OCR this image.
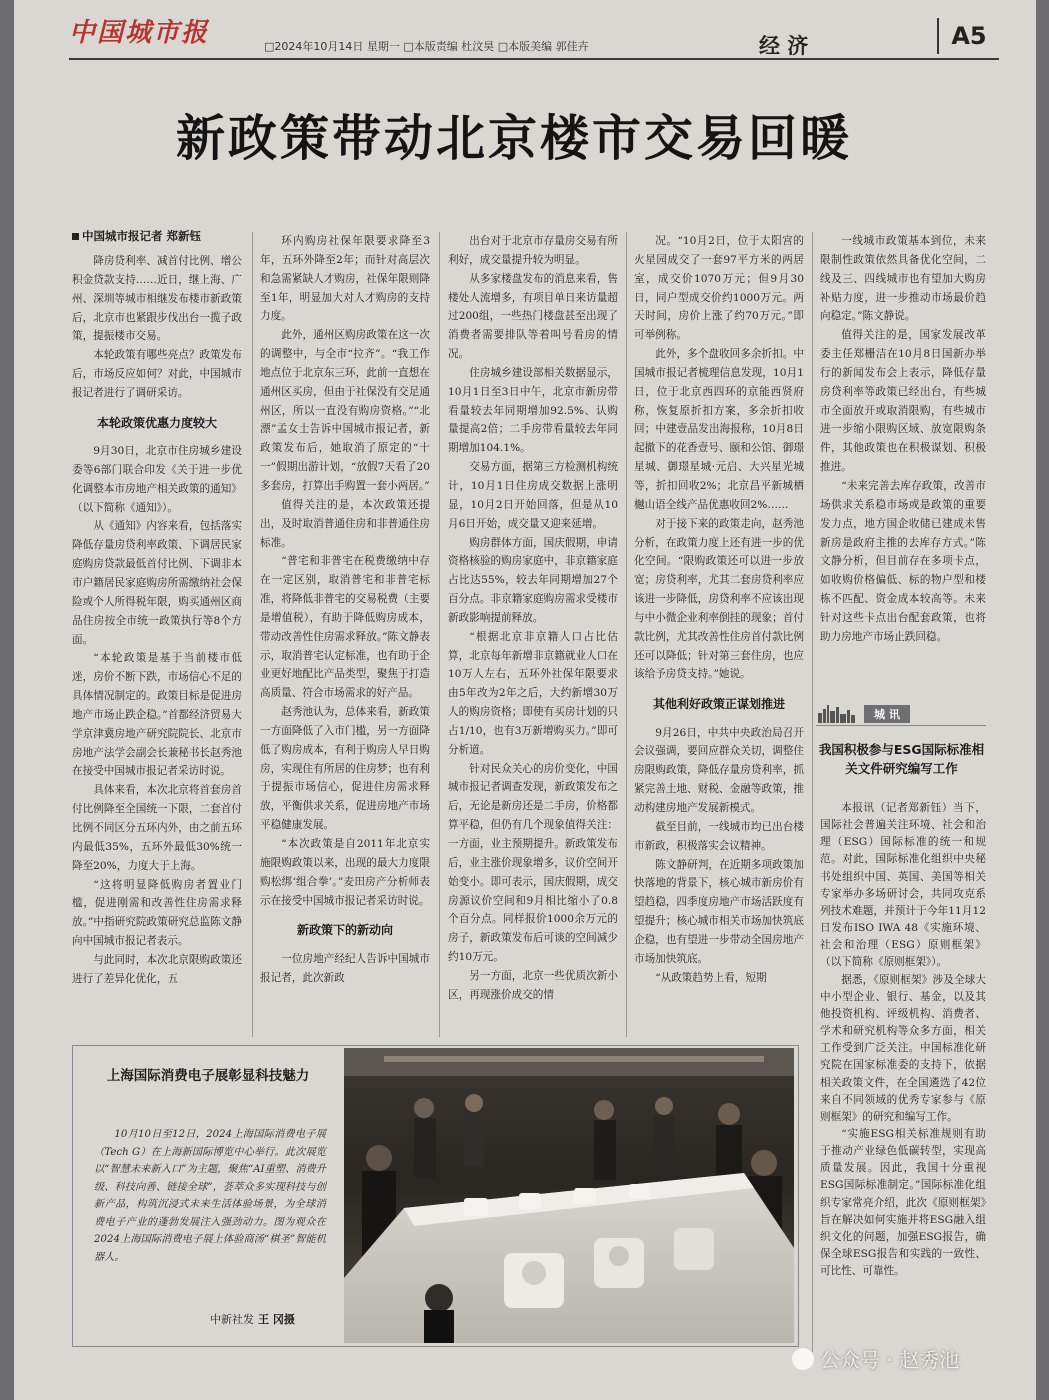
中国城市报	□2024年10月14日 星期一 □本版责编 杜汶昊 □本版美编 郭佳卉	经 济	A5
新政策带动北京楼市交易回暖
中国城市报记者 郑新钰

降房贷利率、减首付比例、增公积金贷款支持……近日，继上海、广州、深圳等城市相继发布楼市新政策后，北京市也紧跟步伐出台一揽子政策，提振楼市交易。

本轮政策有哪些亮点？政策发布后，市场反应如何？对此，中国城市报记者进行了调研采访。

本轮政策优惠力度较大

9月30日，北京市住房城乡建设委等6部门联合印发《关于进一步优化调整本市房地产相关政策的通知》（以下简称《通知》）。

从《通知》内容来看，包括落实降低存量房贷利率政策、下调居民家庭购房贷款最低首付比例、下调非本市户籍居民家庭购房所需缴纳社会保险或个人所得税年限，购买通州区商品住房按全市统一政策执行等8个方面。

“本轮政策是基于当前楼市低迷，房价不断下跌，市场信心不足的具体情况制定的。政策目标是促进房地产市场止跌企稳。”首都经济贸易大学京津冀房地产研究院院长、北京市房地产法学会副会长兼秘书长赵秀池在接受中国城市报记者采访时说。

具体来看，本次北京将首套房首付比例降至全国统一下限，二套首付比例不同区分五环内外，由之前五环内最低35%，五环外最低30%统一降至20%，力度大于上海。

“这将明显降低购房者置业门槛，促进刚需和改善性住房需求释放。”中指研究院政策研究总监陈文静向中国城市报记者表示。

与此同时，本次北京限购政策还进行了差异化优化，五

环内购房社保年限要求降至3年，五环外降至2年；而针对高层次和急需紧缺人才购房，社保年限则降至1年，明显加大对人才购房的支持力度。

此外，通州区购房政策在这一次的调整中，与全市“拉齐”。“我工作地点位于北京东三环，此前一直想在通州区买房，但由于社保没有交足通州区，所以一直没有购房资格。”“北漂”孟女士告诉中国城市报记者，新政策发布后，她取消了原定的“十一”假期出游计划，“放假7天看了20多套房，打算出手购置一套小两居。”

值得关注的是，本次政策还提出，及时取消普通住房和非普通住房标准。

“普宅和非普宅在税费缴纳中存在一定区别，取消普宅和非普宅标准，将降低非普宅的交易税费（主要是增值税），有助于降低购房成本，带动改善性住房需求释放。”陈文静表示，取消普宅认定标准，也有助于企业更好地配比产品类型，聚焦于打造高质量、符合市场需求的好产品。

赵秀池认为，总体来看，新政策一方面降低了入市门槛，另一方面降低了购房成本，有利于购房人早日购房，实现住有所居的住房梦；也有利于提振市场信心，促进住房需求释放，平衡供求关系，促进房地产市场平稳健康发展。

“本次政策是自2011年北京实施限购政策以来，出现的最大力度限购松绑‘组合拳’。”麦田房产分析师表示在接受中国城市报记者采访时说。

新政策下的新动向

一位房地产经纪人告诉中国城市报记者，此次新政

出台对于北京市存量房交易有所利好，成交量提升较为明显。

从多家楼盘发布的消息来看，售楼处人流增多，有项目单日来访量超过200组，一些热门楼盘甚至出现了消费者需要排队等着叫号看房的情况。

住房城乡建设部相关数据显示，10月1日至3日中午，北京市新房带看量较去年同期增加92.5%、认购量提高2倍；二手房带看量较去年同期增加104.1%。

交易方面，据第三方检测机构统计，10月1日住房成交数据上涨明显，10月2日开始回落，但是从10月6日开始，成交量又迎来延增。

购房群体方面，国庆假期，申请资格核验的购房家庭中，非京籍家庭占比达55%，较去年同期增加27个百分点。非京籍家庭购房需求受楼市新政影响提前释放。

“根据北京非京籍人口占比估算，北京每年新增非京籍就业人口在10万人左右，五环外社保年限要求由5年改为2年之后，大约新增30万人的购房资格；即使有买房计划的只占1/10，也有3万新增购买力。”即可分析道。

针对民众关心的房价变化，中国城市报记者调查发现，新政策发布之后，无论是新房还是二手房，价格都算平稳，但仍有几个现象值得关注：一方面，业主预期提升。新政策发布后，业主涨价现象增多，议价空间开始变小。即可表示，国庆假期，成交房源议价空间和9月相比缩小了0.8个百分点。同样报价1000余万元的房子，新政策发布后可谈的空间减少约10万元。

另一方面，北京一些优质次新小区，再现涨价成交的情

况。“10月2日，位于太阳宫的火星园成交了一套97平方米的两居室，成交价1070万元；但9月30日，同户型成交价约1000万元。两天时间，房价上涨了约70万元。”即可举例称。

此外，多个盘收回多余折扣。中国城市报记者梳理信息发现，10月1日，位于北京西四环的京能西贤府称，恢复原折扣方案，多余折扣收回；中建壹品发出海报称，10月8日起撤下的花香壹号、颐和公馆、御璟星城、御璟星城·元启、大兴星光城等，折扣回收2%；北京昌平新城栖樾山语全线产品优惠收回2%……

对于接下来的政策走向，赵秀池分析，在政策力度上还有进一步的优化空间。“限购政策还可以进一步放宽；房贷利率，尤其二套房贷利率应该进一步降低，房贷利率不应该出现与中小微企业利率倒挂的现象；首付款比例，尤其改善性住房首付款比例还可以降低；针对第三套住房，也应该给予房贷支持。”她说。

其他利好政策正谋划推进

9月26日，中共中央政治局召开会议强调，要回应群众关切，调整住房限购政策，降低存量房贷利率，抓紧完善土地、财税、金融等政策，推动构建房地产发展新模式。

截至目前，一线城市均已出台楼市新政，积极落实会议精神。

陈文静研判，在近期多项政策加快落地的背景下，核心城市新房价有望趋稳，四季度房地产市场活跃度有望提升；核心城市相关市场加快筑底企稳，也有望进一步带动全国房地产市场加快筑底。

“从政策趋势上看，短期

一线城市政策基本到位，未来限制性政策依然具备优化空间，二线及三、四线城市也有望加大购房补贴力度，进一步推动市场最价趋向稳定。”陈文静说。

值得关注的是，国家发展改革委主任郑栅洁在10月8日国新办举行的新闻发布会上表示，降低存量房贷利率等政策已经出台，有些城市全面放开或取消限购，有些城市进一步缩小限购区域、放宽限购条件，其他政策也在积极谋划、积极推进。

“未来完善去库存政策，改善市场供求关系稳市场或是政策的重要发力点，地方国企收储已建成未售新房是政府主推的去库存方式。”陈文静分析，但目前存在多项卡点，如收购价格偏低、标的物户型和楼栋不匹配、资金成本较高等。未来针对这些卡点出台配套政策，也将助力房地产市场止跌回稳。

城 讯
我国积极参与ESG国际标准相关文件研究编写工作

本报讯（记者郑新钰）当下，国际社会普遍关注环境、社会和治理（ESG）国际标准的统一和规范。对此，国际标准化组织中央秘书处组织中国、英国、美国等相关专家举办多场研讨会，共同攻克系列技术难题，并预计于今年11月12日发布ISO IWA 48《实施环境、社会和治理（ESG）原则框架》（以下简称《原则框架》）。

据悉，《原则框架》涉及全球大中小型企业、银行、基金，以及其他投资机构、评级机构、消费者、学术和研究机构等众多方面，相关工作受到广泛关注。中国标准化研究院在国家标准委的支持下，依据相关政策文件，在全国遴选了42位来自不同领域的优秀专家参与《原则框架》的研究和编写工作。

“实施ESG相关标准规则有助于推动产业绿色低碳转型，实现高质量发展。因此，我国十分重视ESG国际标准制定。”国际标准化组织专家常亮介绍，此次《原则框架》旨在解决如何实施并将ESG融入组织文化的问题，加强ESG报告，确保全球ESG报告和实践的一致性、可比性、可靠性。

上海国际消费电子展彰显科技魅力

10月10日至12日，2024上海国际消费电子展（Tech G）在上海新国际博览中心举行。此次展览以“智慧未来新入口”为主题，聚焦“AI重塑、消费升级、科技向善、链接全球”，荟萃众多实现科技与创新产品，构筑沉浸式未来生活体验场景，为全球消费电子产业的蓬勃发展注入强劲动力。图为观众在2024上海国际消费电子展上体验商汤“棋圣”智能机器人。

中新社发 王 冈摄
公众号 · 赵秀池
